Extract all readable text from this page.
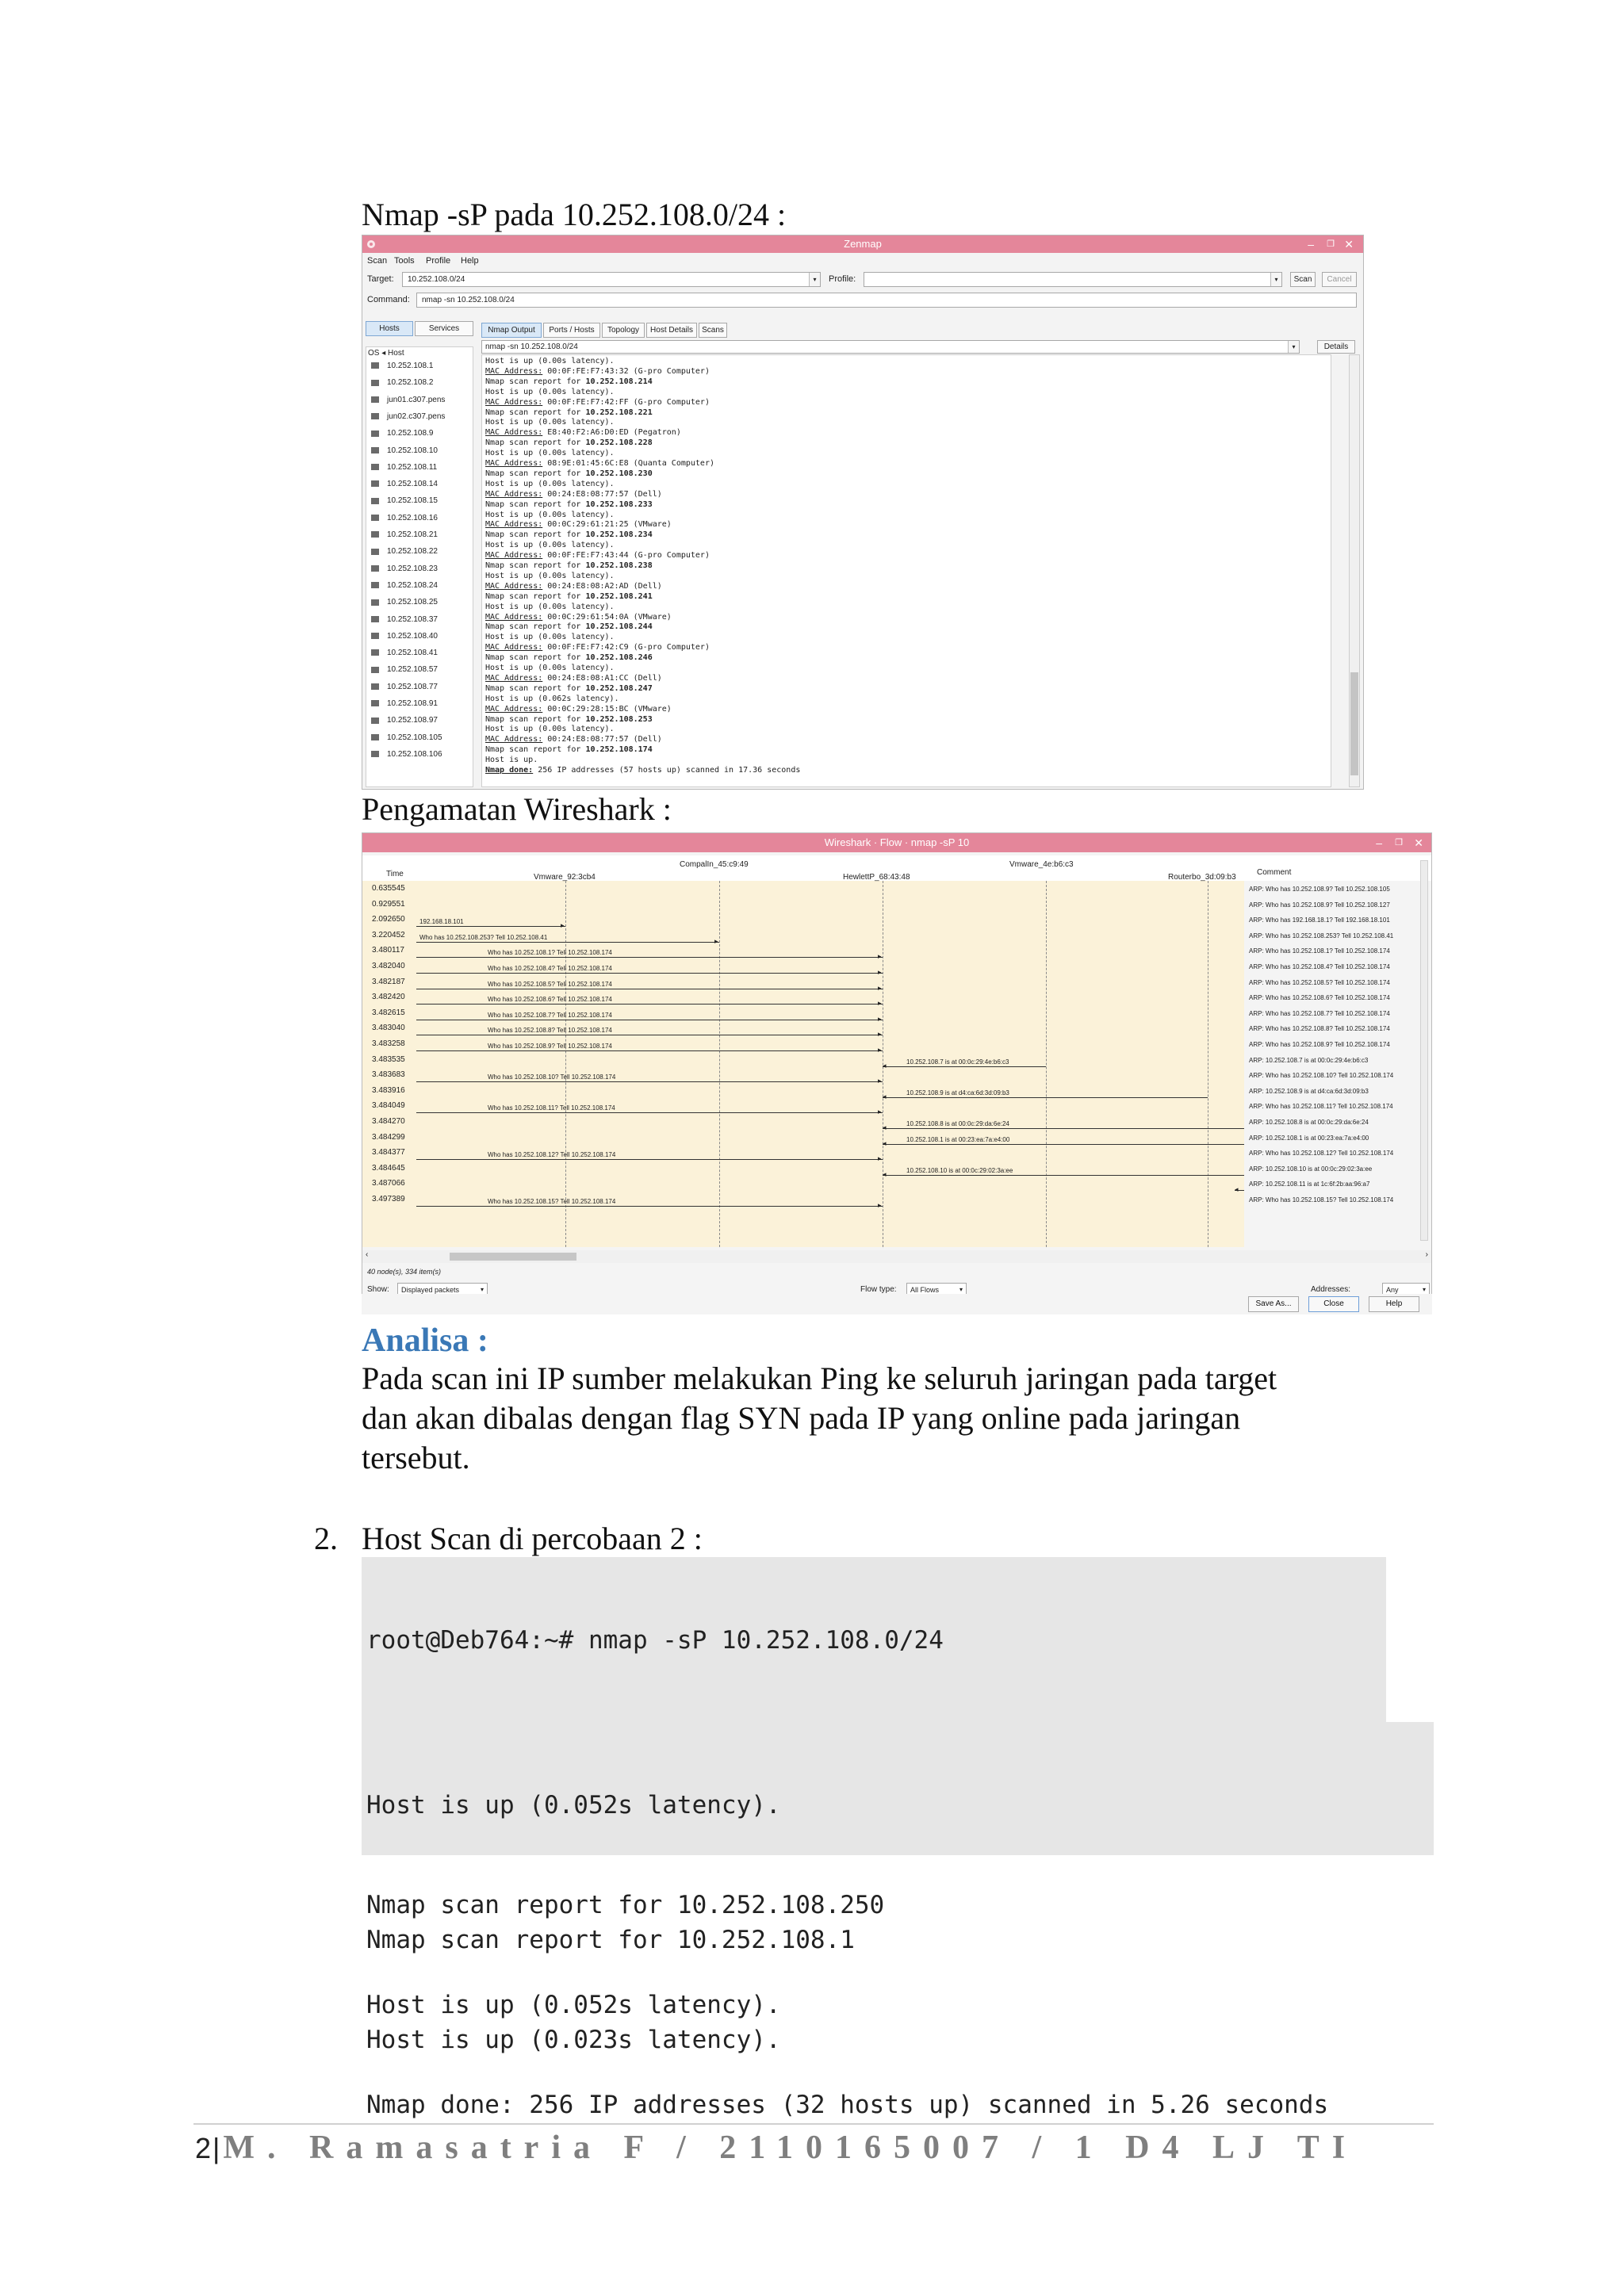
Nmap -sP pada 10.252.108.0/24 :
Zenmap	– ❐ ✕
Scan Tools Profile Help
Target:	10.252.108.0/24	▾	Profile:	▾	Scan	Cancel
Command:	nmap -sn 10.252.108.0/24
Hosts	Services
OS ◂ Host
10.252.108.1
10.252.108.2
jun01.c307.pens
jun02.c307.pens
10.252.108.9
10.252.108.10
10.252.108.11
10.252.108.14
10.252.108.15
10.252.108.16
10.252.108.21
10.252.108.22
10.252.108.23
10.252.108.24
10.252.108.25
10.252.108.37
10.252.108.40
10.252.108.41
10.252.108.57
10.252.108.77
10.252.108.91
10.252.108.97
10.252.108.105
10.252.108.106
Nmap Output	Ports / Hosts	Topology	Host Details	Scans
nmap -sn 10.252.108.0/24	▾	Details
Host is up (0.00s latency).
MAC Address: 00:0F:FE:F7:43:32 (G-pro Computer)
Nmap scan report for 10.252.108.214
Host is up (0.00s latency).
MAC Address: 00:0F:FE:F7:42:FF (G-pro Computer)
Nmap scan report for 10.252.108.221
Host is up (0.00s latency).
MAC Address: E8:40:F2:A6:D0:ED (Pegatron)
Nmap scan report for 10.252.108.228
Host is up (0.00s latency).
MAC Address: 08:9E:01:45:6C:E8 (Quanta Computer)
Nmap scan report for 10.252.108.230
Host is up (0.00s latency).
MAC Address: 00:24:E8:08:77:57 (Dell)
Nmap scan report for 10.252.108.233
Host is up (0.00s latency).
MAC Address: 00:0C:29:61:21:25 (VMware)
Nmap scan report for 10.252.108.234
Host is up (0.00s latency).
MAC Address: 00:0F:FE:F7:43:44 (G-pro Computer)
Nmap scan report for 10.252.108.238
Host is up (0.00s latency).
MAC Address: 00:24:E8:08:A2:AD (Dell)
Nmap scan report for 10.252.108.241
Host is up (0.00s latency).
MAC Address: 00:0C:29:61:54:0A (VMware)
Nmap scan report for 10.252.108.244
Host is up (0.00s latency).
MAC Address: 00:0F:FE:F7:42:C9 (G-pro Computer)
Nmap scan report for 10.252.108.246
Host is up (0.00s latency).
MAC Address: 00:24:E8:08:A1:CC (Dell)
Nmap scan report for 10.252.108.247
Host is up (0.062s latency).
MAC Address: 00:0C:29:28:15:BC (VMware)
Nmap scan report for 10.252.108.253
Host is up (0.00s latency).
MAC Address: 00:24:E8:08:77:57 (Dell)
Nmap scan report for 10.252.108.174
Host is up.
Nmap done: 256 IP addresses (57 hosts up) scanned in 17.36 seconds
Pengamatan Wireshark :
Wireshark · Flow · nmap -sP 10	– ❐ ✕
Time	Comment
Vmware_92:3cb4
CompalIn_45:c9:49
HewlettP_68:43:48
Vmware_4e:b6:c3
Routerbo_3d:09:b3
0.635545	ARP: Who has 10.252.108.9? Tell 10.252.108.105
0.929551	ARP: Who has 10.252.108.9? Tell 10.252.108.127
2.092650	ARP: Who has 192.168.18.1? Tell 192.168.18.101
▸
192.168.18.101
3.220452	ARP: Who has 10.252.108.253? Tell 10.252.108.41
▸
Who has 10.252.108.253? Tell 10.252.108.41
3.480117	ARP: Who has 10.252.108.1? Tell 10.252.108.174
▸
Who has 10.252.108.1? Tell 10.252.108.174
3.482040	ARP: Who has 10.252.108.4? Tell 10.252.108.174
▸
Who has 10.252.108.4? Tell 10.252.108.174
3.482187	ARP: Who has 10.252.108.5? Tell 10.252.108.174
▸
Who has 10.252.108.5? Tell 10.252.108.174
3.482420	ARP: Who has 10.252.108.6? Tell 10.252.108.174
▸
Who has 10.252.108.6? Tell 10.252.108.174
3.482615	ARP: Who has 10.252.108.7? Tell 10.252.108.174
▸
Who has 10.252.108.7? Tell 10.252.108.174
3.483040	ARP: Who has 10.252.108.8? Tell 10.252.108.174
▸
Who has 10.252.108.8? Tell 10.252.108.174
3.483258	ARP: Who has 10.252.108.9? Tell 10.252.108.174
▸
Who has 10.252.108.9? Tell 10.252.108.174
3.483535	ARP: 10.252.108.7 is at 00:0c:29:4e:b6:c3
◂	10.252.108.7 is at 00:0c:29:4e:b6:c3
3.483683	ARP: Who has 10.252.108.10? Tell 10.252.108.174
▸
Who has 10.252.108.10? Tell 10.252.108.174
3.483916	ARP: 10.252.108.9 is at d4:ca:6d:3d:09:b3
◂	10.252.108.9 is at d4:ca:6d:3d:09:b3
3.484049	ARP: Who has 10.252.108.11? Tell 10.252.108.174
▸
Who has 10.252.108.11? Tell 10.252.108.174
3.484270	ARP: 10.252.108.8 is at 00:0c:29:da:6e:24
◂	10.252.108.8 is at 00:0c:29:da:6e:24
3.484299	ARP: 10.252.108.1 is at 00:23:ea:7a:e4:00
◂	10.252.108.1 is at 00:23:ea:7a:e4:00
3.484377	ARP: Who has 10.252.108.12? Tell 10.252.108.174
▸
Who has 10.252.108.12? Tell 10.252.108.174
3.484645	ARP: 10.252.108.10 is at 00:0c:29:02:3a:ee
◂	10.252.108.10 is at 00:0c:29:02:3a:ee
3.487066	ARP: 10.252.108.11 is at 1c:6f:2b:aa:96:a7
◂
3.497389	ARP: Who has 10.252.108.15? Tell 10.252.108.174
▸
Who has 10.252.108.15? Tell 10.252.108.174
‹	›
40 node(s), 334 item(s)
Show:	Displayed packets	▾	Flow type:	All Flows	▾	Addresses:	Any	▾
Save As...	Close	Help
Analisa :
Pada scan ini IP sumber melakukan Ping ke seluruh jaringan pada target
dan akan dibalas dengan flag SYN pada IP yang online pada jaringan
tersebut.
2. Host Scan di percobaan 2 :

root@Deb764:~# nmap -sP 10.252.108.0/24

Nmap scan report for 10.252.108.1

Host is up (0.023s latency).

Host is up (0.052s latency).

Nmap scan report for 10.252.108.250

Host is up (0.052s latency).

Nmap done: 256 IP addresses (32 hosts up) scanned in 5.26 seconds

2|M. Ramasatria F / 2110165007 / 1 D4 LJ TI
